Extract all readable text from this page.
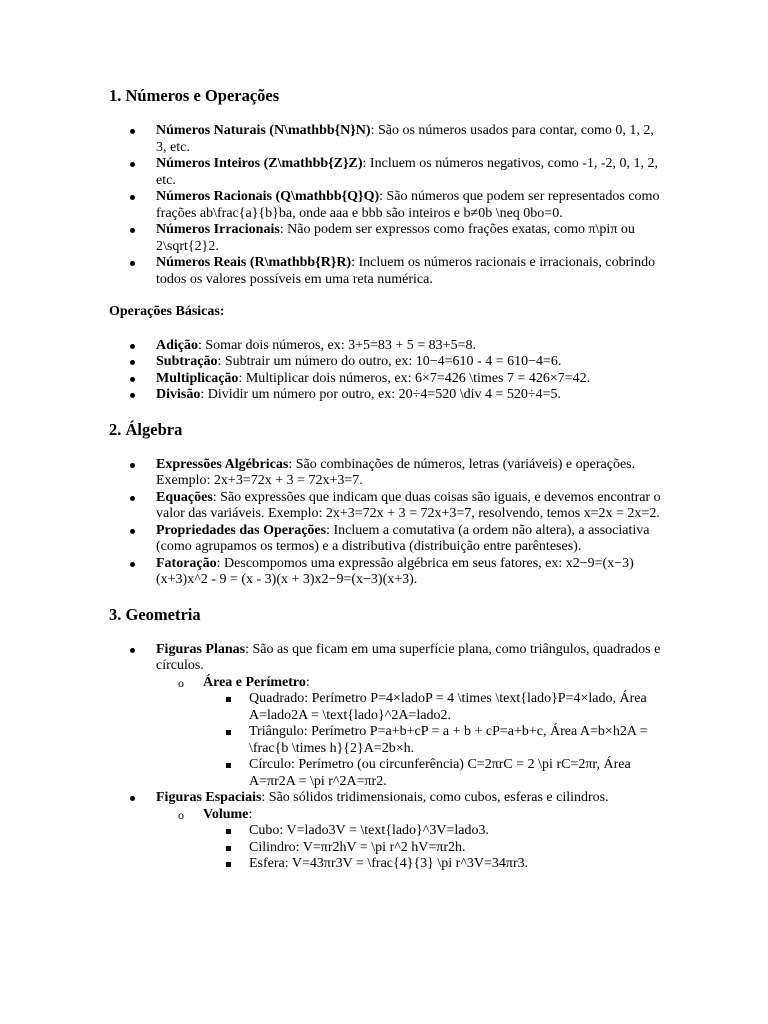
1. Números e Operações
Números Naturais (N\mathbb{N}N): São os números usados para contar, como 0, 1, 2, 3, etc.
Números Inteiros (Z\mathbb{Z}Z): Incluem os números negativos, como -1, -2, 0, 1, 2, etc.
Números Racionais (Q\mathbb{Q}Q): São números que podem ser representados como frações ab\frac{a}{b}ba, onde aaa e bbb são inteiros e b≠0b \neq 0bo=0.
Números Irracionais: Não podem ser expressos como frações exatas, como π\piπ ou 2\sqrt{2}2.
Números Reais (R\mathbb{R}R): Incluem os números racionais e irracionais, cobrindo todos os valores possíveis em uma reta numérica.

Operações Básicas:

Adição: Somar dois números, ex: 3+5=83 + 5 = 83+5=8.
Subtração: Subtrair um número do outro, ex: 10−4=610 - 4 = 610−4=6.
Multiplicação: Multiplicar dois números, ex: 6×7=426 \times 7 = 426×7=42.
Divisão: Dividir um número por outro, ex: 20÷4=520 \div 4 = 520÷4=5.
2. Álgebra
Expressões Algébricas: São combinações de números, letras (variáveis) e operações. Exemplo: 2x+3=72x + 3 = 72x+3=7.
Equações: São expressões que indicam que duas coisas são iguais, e devemos encontrar o valor das variáveis. Exemplo: 2x+3=72x + 3 = 72x+3=7, resolvendo, temos x=2x = 2x=2.
Propriedades das Operações: Incluem a comutativa (a ordem não altera), a associativa (como agrupamos os termos) e a distributiva (distribuição entre parênteses).
Fatoração: Descompomos uma expressão algébrica em seus fatores, ex: x2−9=(x−3)(x+3)x^2 - 9 = (x - 3)(x + 3)x2−9=(x−3)(x+3).
3. Geometria
Figuras Planas: São as que ficam em uma superfície plana, como triângulos, quadrados e círculos.
o Área e Perímetro:
Quadrado: Perímetro P=4×ladoP = 4 \times \text{lado}P=4×lado, Área A=lado2A = \text{lado}^2A=lado2.
Triângulo: Perímetro P=a+b+cP = a + b + cP=a+b+c, Área A=b×h2A = \frac{b \times h}{2}A=2b×h.
Círculo: Perímetro (ou circunferência) C=2πrC = 2 \pi rC=2πr, Área A=πr2A = \pi r^2A=πr2.
Figuras Espaciais: São sólidos tridimensionais, como cubos, esferas e cilindros.
o Volume:
Cubo: V=lado3V = \text{lado}^3V=lado3.
Cilindro: V=πr2hV = \pi r^2 hV=πr2h.
Esfera: V=43πr3V = \frac{4}{3} \pi r^3V=34πr3.
